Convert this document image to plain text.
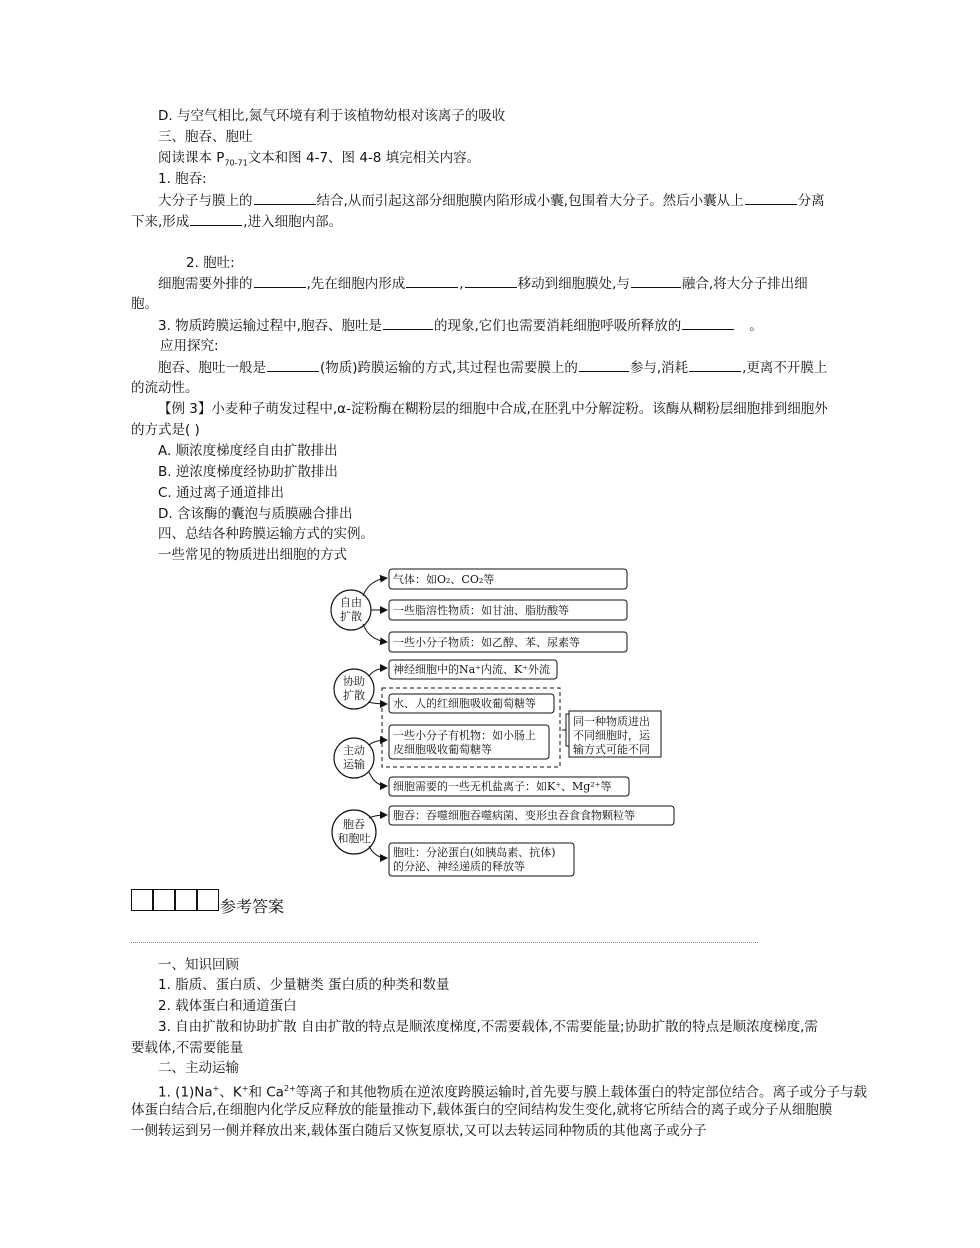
D. 与空气相比,氮气环境有利于该植物幼根对该离子的吸收
三、胞吞、胞吐
阅读课本 $P_{70-71}$文本和图 4-7、图 4-8 填完相关内容。
1. 胞吞:
大分子与膜上的	结合,从而引起这部分细胞膜内陷形成小囊,包围着大分子。然后小囊从上	分离
下来,形成	,进入细胞内部。
2. 胞吐:
细胞需要外排的	,先在细胞内形成	,	移动到细胞膜处,与	融合,将大分子排出细
胞。
3. 物质跨膜运输过程中,胞吞、胞吐是	的现象,它们也需要消耗细胞呼吸所释放的	。
应用探究:
胞吞、胞吐一般是	(物质)跨膜运输的方式,其过程也需要膜上的	参与,消耗	,更离不开膜上
的流动性。
【例 3】小麦种子萌发过程中,α-淀粉酶在糊粉层的细胞中合成,在胚乳中分解淀粉。该酶从糊粉层细胞排到细胞外
的方式是( )
A. 顺浓度梯度经自由扩散排出
B. 逆浓度梯度经协助扩散排出
C. 通过离子通道排出
D. 含该酶的囊泡与质膜融合排出
四、总结各种跨膜运输方式的实例。
一些常见的物质进出细胞的方式
自由
扩散
气体：如O₂、CO₂等
一些脂溶性物质：如甘油、脂肪酸等
一些小分子物质：如乙醇、苯、尿素等
协助
扩散
神经细胞中的Na⁺内流、K⁺外流
水、人的红细胞吸收葡萄糖等
主动
运输
一些小分子有机物：如小肠上
皮细胞吸收葡萄糖等
细胞需要的一些无机盐离子：如K⁺、Mg²⁺等
同一种物质进出
不同细胞时，运
输方式可能不同
胞吞
和胞吐
胞吞：吞噬细胞吞噬病菌、变形虫吞食食物颗粒等
胞吐：分泌蛋白(如胰岛素、抗体)
的分泌、神经递质的释放等
参考答案
一、知识回顾
1. 脂质、蛋白质、少量糖类 蛋白质的种类和数量
2. 载体蛋白和通道蛋白
3. 自由扩散和协助扩散 自由扩散的特点是顺浓度梯度,不需要载体,不需要能量;协助扩散的特点是顺浓度梯度,需
要载体,不需要能量
二、主动运输
1. (1)Na+、K+和 $Ca^{2+}$等离子和其他物质在逆浓度跨膜运输时,首先要与膜上载体蛋白的特定部位结合。离子或分子与载
体蛋白结合后,在细胞内化学反应释放的能量推动下,载体蛋白的空间结构发生变化,就将它所结合的离子或分子从细胞膜
一侧转运到另一侧并释放出来,载体蛋白随后又恢复原状,又可以去转运同种物质的其他离子或分子
